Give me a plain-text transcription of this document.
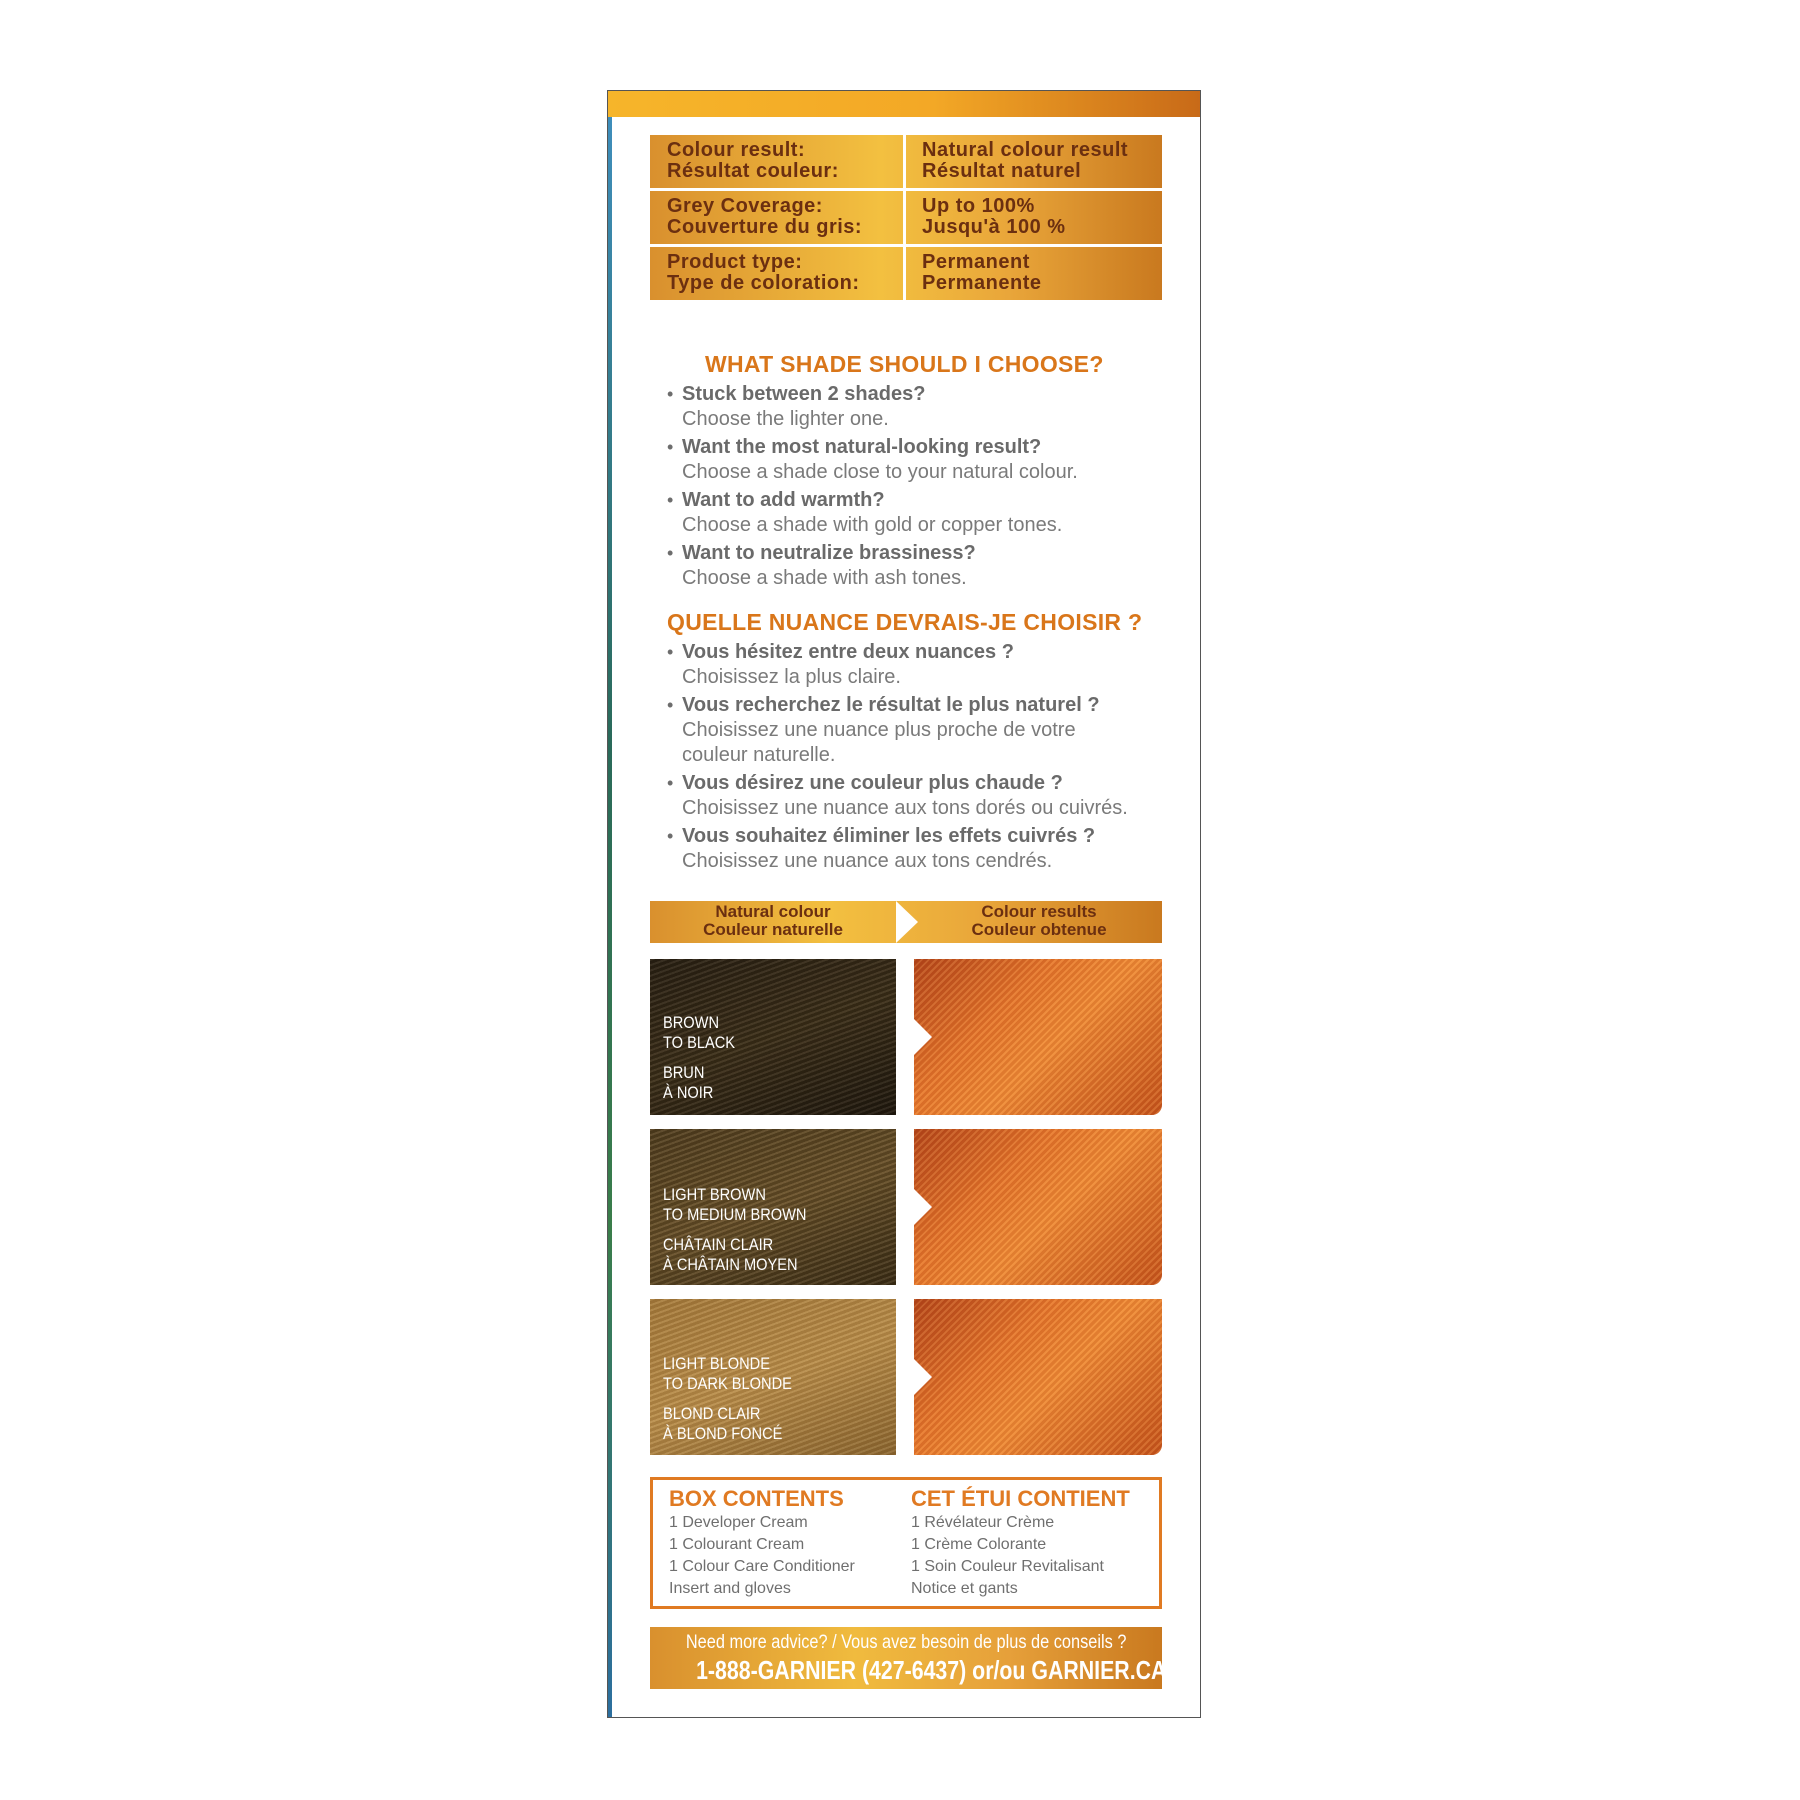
Colour result:
Résultat couleur:
Natural colour result
Résultat naturel
Grey Coverage:
Couverture du gris:
Up to 100%
Jusqu'à 100 %
Product type:
Type de coloration:
Permanent
Permanente
WHAT SHADE SHOULD I CHOOSE?
• Stuck between 2 shades?
Choose the lighter one.
• Want the most natural-looking result?
Choose a shade close to your natural colour.
• Want to add warmth?
Choose a shade with gold or copper tones.
• Want to neutralize brassiness?
Choose a shade with ash tones.
QUELLE NUANCE DEVRAIS-JE CHOISIR ?
• Vous hésitez entre deux nuances ?
Choisissez la plus claire.
• Vous recherchez le résultat le plus naturel ?
Choisissez une nuance plus proche de votre couleur naturelle.
• Vous désirez une couleur plus chaude ?
Choisissez une nuance aux tons dorés ou cuivrés.
• Vous souhaitez éliminer les effets cuivrés ?
Choisissez une nuance aux tons cendrés.
Natural colour
Couleur naturelle
Colour results
Couleur obtenue
BROWN
TO BLACK
BRUN
À NOIR
LIGHT BROWN
TO MEDIUM BROWN
CHÂTAIN CLAIR
À CHÂTAIN MOYEN
LIGHT BLONDE
TO DARK BLONDE
BLOND CLAIR
À BLOND FONCÉ
BOX CONTENTS
1 Developer Cream
1 Colourant Cream
1 Colour Care Conditioner
Insert and gloves
CET ÉTUI CONTIENT
1 Révélateur Crème
1 Crème Colorante
1 Soin Couleur Revitalisant
Notice et gants
Need more advice? / Vous avez besoin de plus de conseils ?
1-888-GARNIER (427-6437) or/ou GARNIER.CA
